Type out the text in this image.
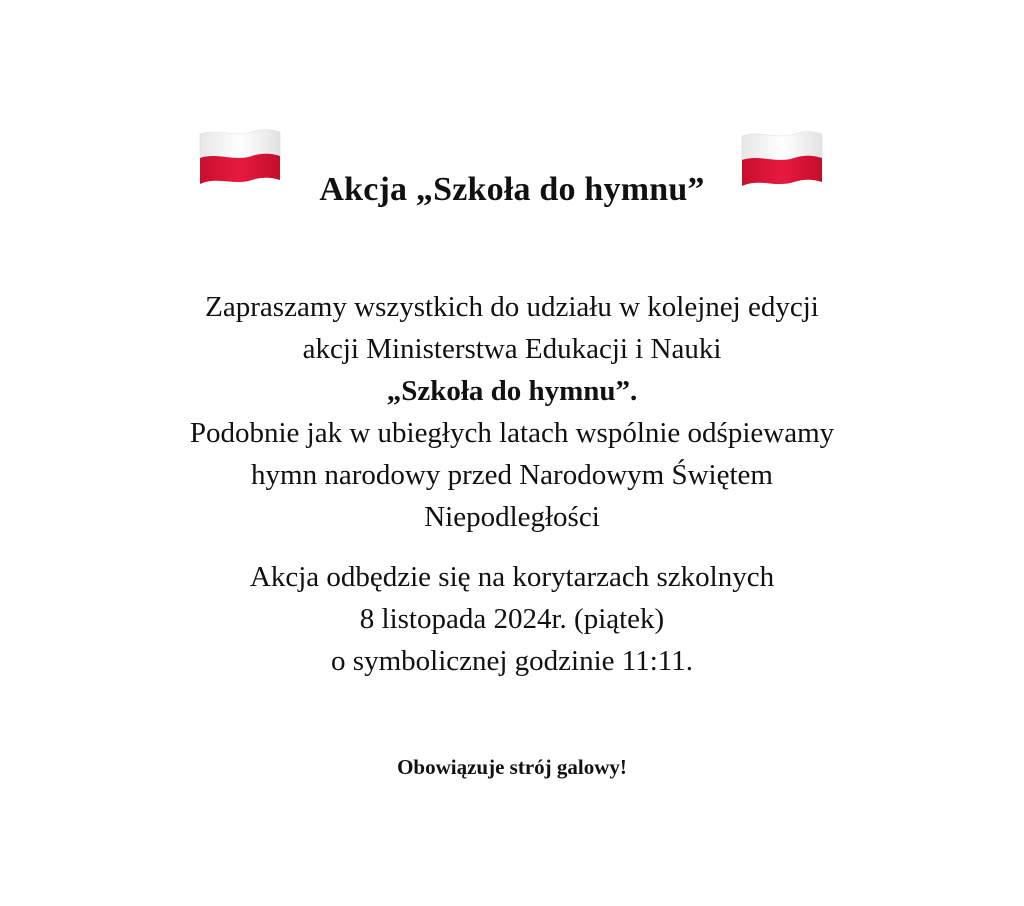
Akcja „Szkoła do hymnu”
Zapraszamy wszystkich do udziału w kolejnej edycji
akcji Ministerstwa Edukacji i Nauki
„Szkoła do hymnu”.
Podobnie jak w ubiegłych latach wspólnie odśpiewamy
hymn narodowy przed Narodowym Świętem
Niepodległości
Akcja odbędzie się na korytarzach szkolnych
8 listopada 2024r. (piątek)
o symbolicznej godzinie 11:11.
Obowiązuje strój galowy!
